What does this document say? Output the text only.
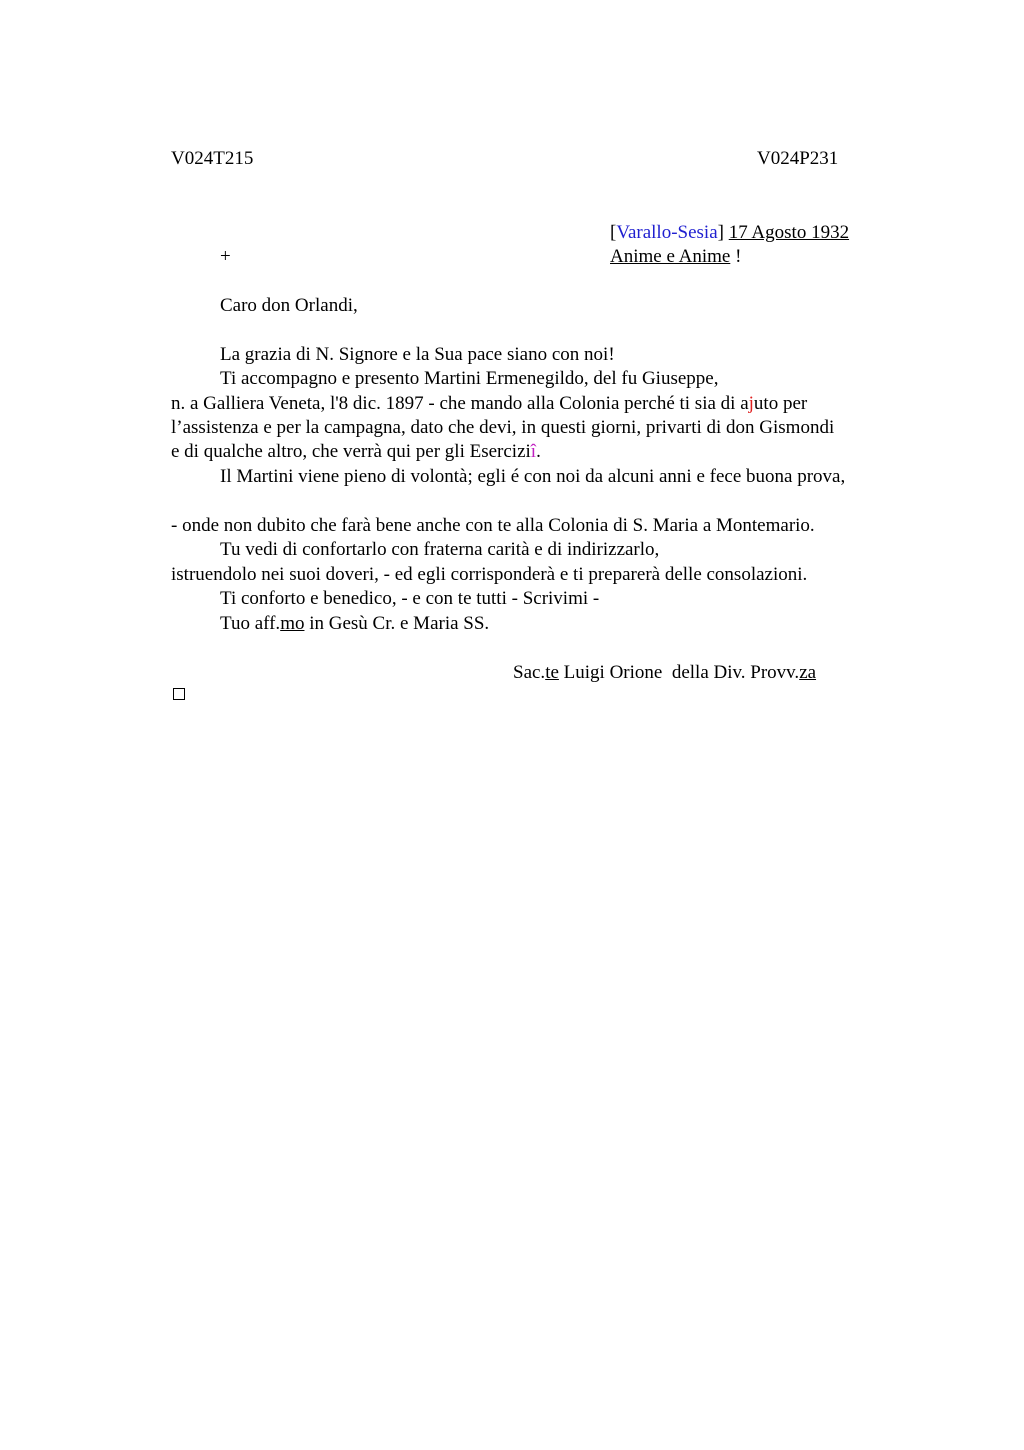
V024T215	V024P231
[Varallo-Sesia] 17 Agosto 1932
Anime e Anime !
+
Caro don Orlandi,
La grazia di N. Signore e la Sua pace siano con noi!
Ti accompagno e presento Martini Ermenegildo, del fu Giuseppe,
n. a Galliera Veneta, l'8 dic. 1897 - che mando alla Colonia perché ti sia di ajuto per
l’assistenza e per la campagna, dato che devi, in questi giorni, privarti di don Gismondi
e di qualche altro, che verrà qui per gli Eserciziî.
Il Martini viene pieno di volontà; egli é con noi da alcuni anni e fece buona prova,
- onde non dubito che farà bene anche con te alla Colonia di S. Maria a Montemario.
Tu vedi di confortarlo con fraterna carità e di indirizzarlo,
istruendolo nei suoi doveri, - ed egli corrisponderà e ti preparerà delle consolazioni.
Ti conforto e benedico, - e con te tutti - Scrivimi -
Tuo aff.mo in Gesù Cr. e Maria SS.
Sac.te Luigi Orione  della Div. Provv.za
